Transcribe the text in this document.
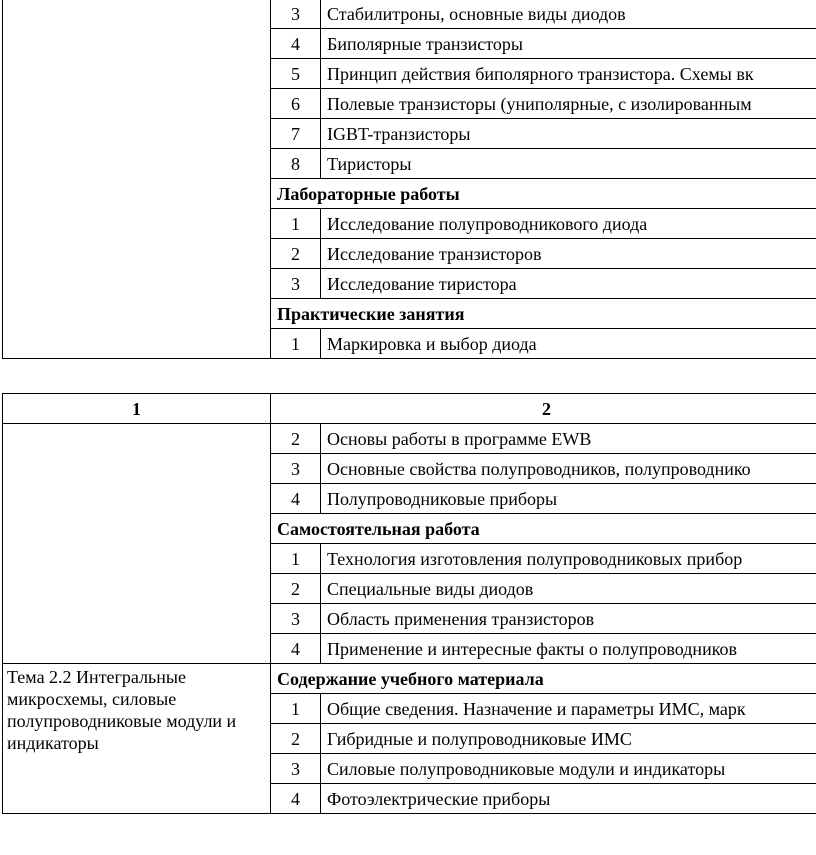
	3	Стабилитроны, основные виды диодов
	4	Биполярные транзисторы
	5	Принцип действия биполярного транзистора. Схемы вк
	6	Полевые транзисторы (униполярные, с изолированным
	7	IGBT-транзисторы
	8	Тиристоры
	Лабораторные работы	
	1	Исследование полупроводникового диода
	2	Исследование транзисторов
	3	Исследование тиристора
	Практические занятия	
	1	Маркировка и выбор диода
1	2	
	2	Основы работы в программе EWB
	3	Основные свойства полупроводников, полупроводнико
	4	Полупроводниковые приборы
	Самостоятельная работа	
	1	Технология изготовления полупроводниковых прибор
	2	Специальные виды диодов
	3	Область применения транзисторов
	4	Применение и интересные факты о полупроводников
Тема 2.2 Интегральные микросхемы, силовые полупроводниковые модули и индикаторы	Содержание учебного материала	
	1	Общие сведения. Назначение и параметры ИМС, марк
	2	Гибридные и полупроводниковые ИМС
	3	Силовые полупроводниковые модули и индикаторы
	4	Фотоэлектрические приборы
